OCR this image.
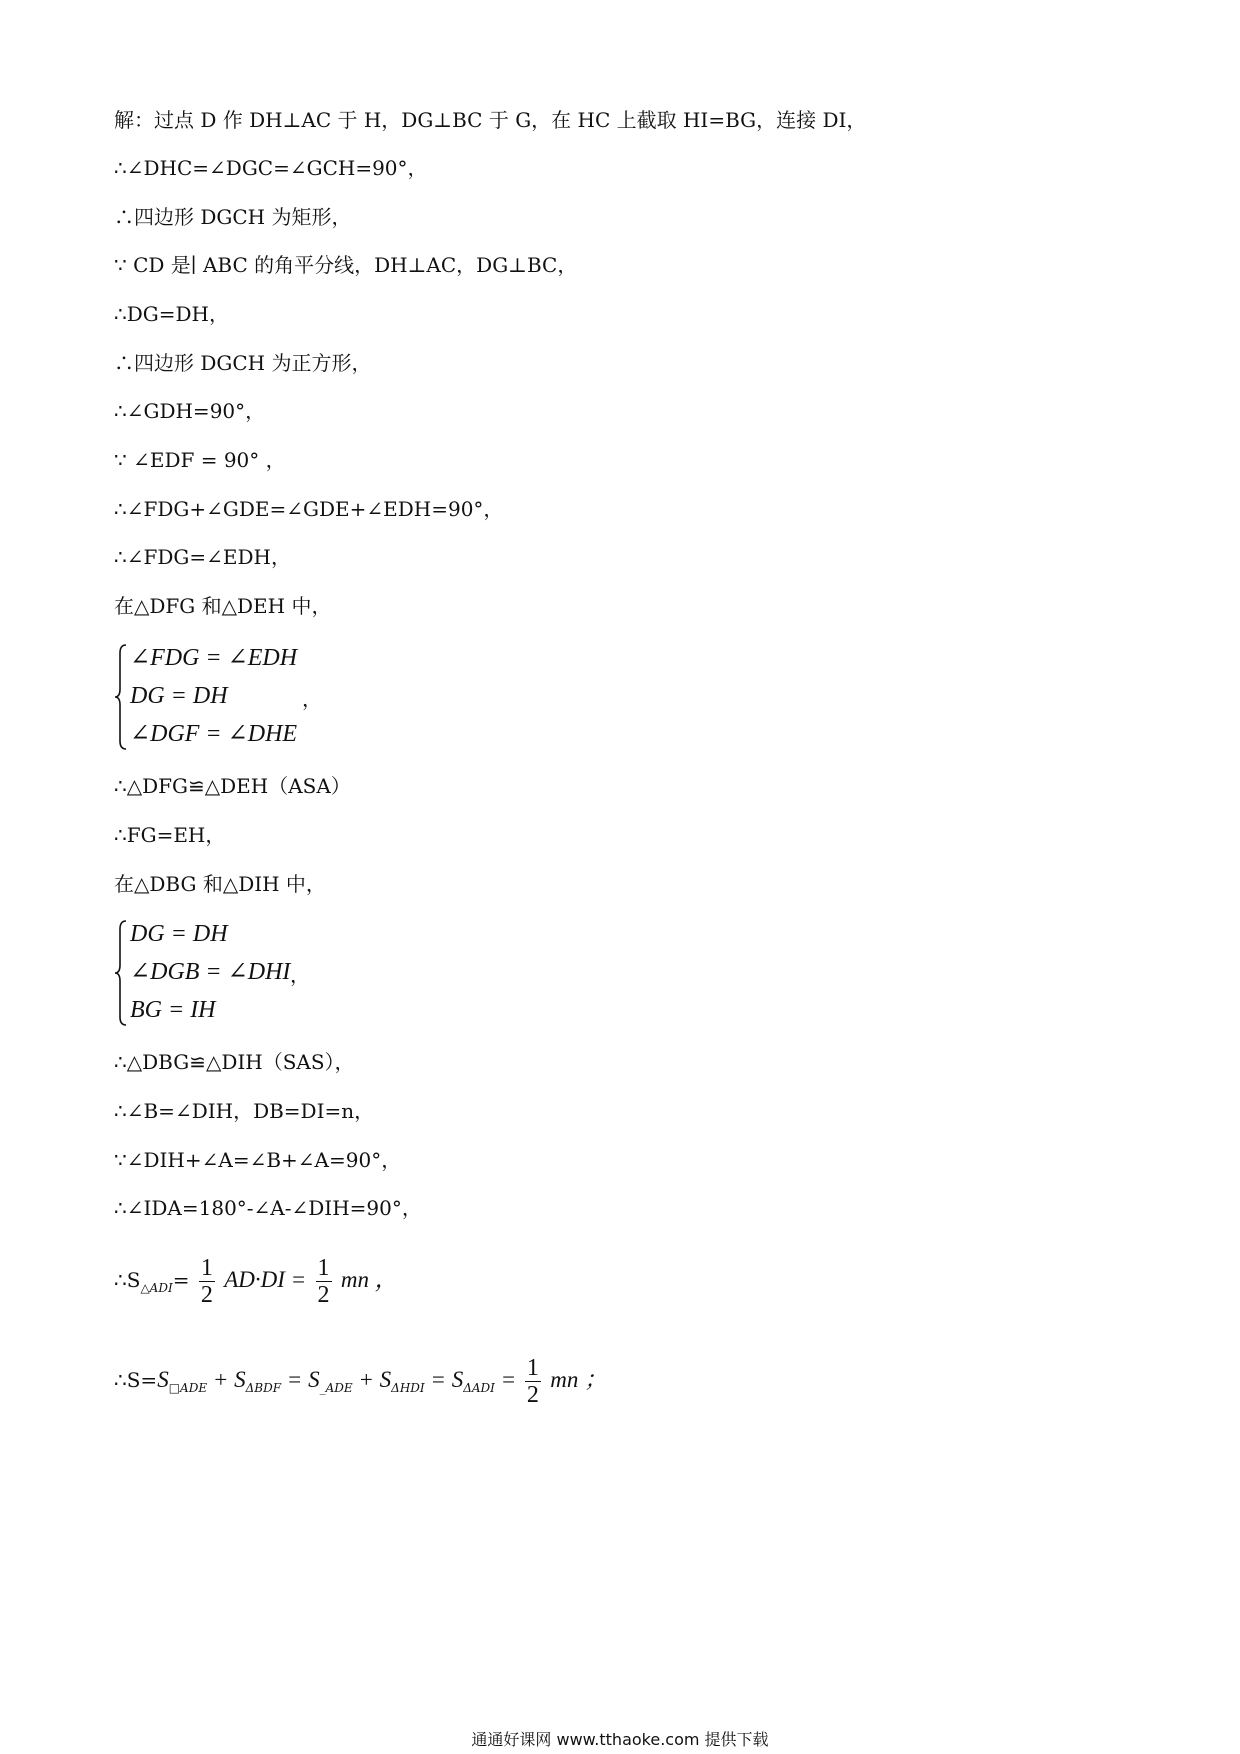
解：过点 D 作 DH⊥AC 于 H，DG⊥BC 于 G，在 HC 上截取 HI=BG，连接 DI，
∴∠DHC=∠DGC=∠GCH=90°，
∴四边形 DGCH 为矩形，
∵ CD 是∣ ABC 的角平分线，DH⊥AC，DG⊥BC，
∴DG=DH，
∴四边形 DGCH 为正方形，
∴∠GDH=90°，
∵ ∠EDF = 90° ，
∴∠FDG+∠GDE=∠GDE+∠EDH=90°，
∴∠FDG=∠EDH，
在△DFG 和△DEH 中，
∠FDG = ∠EDH
DG = DH
∠DGF = ∠DHE
，
∴△DFG≌△DEH（ASA）
∴FG=EH，
在△DBG 和△DIH 中，
DG = DH
∠DGB = ∠DHI
BG = IH
，
∴△DBG≌△DIH（SAS），
∴∠B=∠DIH，DB=DI=n，
∵∠DIH+∠A=∠B+∠A=90°，
∴∠IDA=180°-∠A-∠DIH=90°，
$\therefore S_{\triangle ADI}= \frac{1}{2} AD\cdot DI = \frac{1}{2}$ mn ，
$\therefore S=S_{□ADE} + S_{\Delta BDF} = S_{\_ADE} + S_{\Delta HDI} = S_{\Delta ADI} = \frac{1}{2}$ mn ；
通通好课网 www.tthaoke.com 提供下载
